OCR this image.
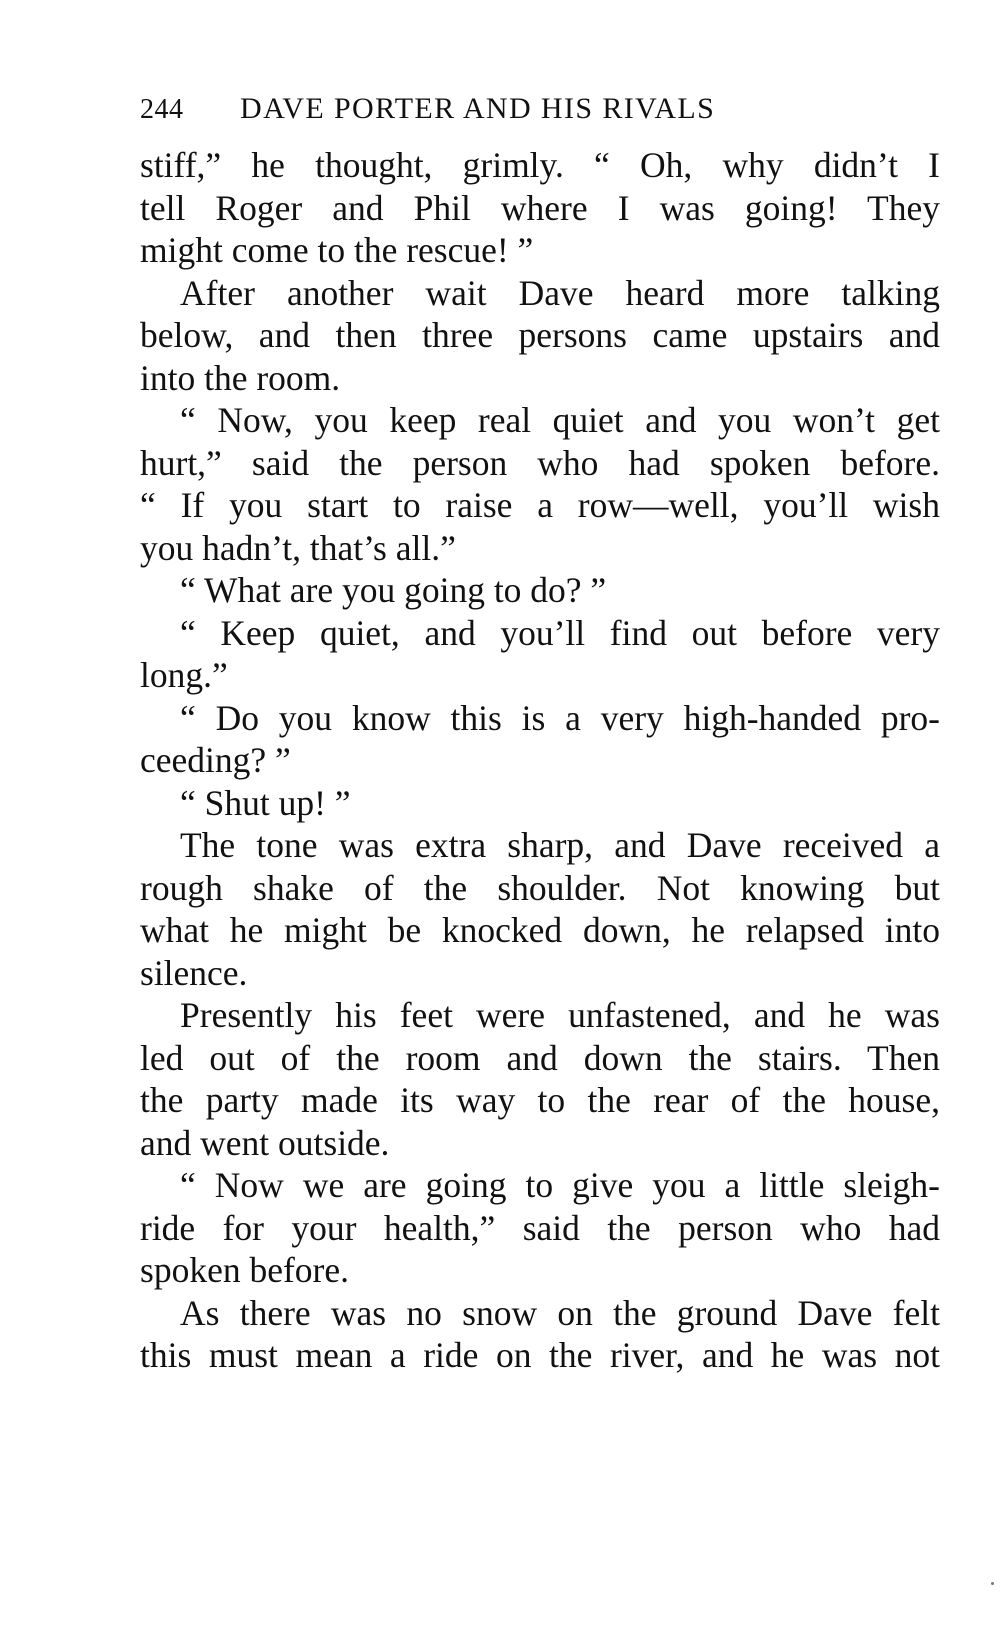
244	DAVE PORTER AND HIS RIVALS
stiff,” he thought, grimly. “ Oh, why didn’t I
tell Roger and Phil where I was going! They
might come to the rescue! ”
After another wait Dave heard more talking
below, and then three persons came upstairs and
into the room.
“ Now, you keep real quiet and you won’t get
hurt,” said the person who had spoken before.
“ If you start to raise a row—well, you’ll wish
you hadn’t, that’s all.”
“ What are you going to do? ”
“ Keep quiet, and you’ll find out before very
long.”
“ Do you know this is a very high-handed pro-
ceeding? ”
“ Shut up! ”
The tone was extra sharp, and Dave received a
rough shake of the shoulder. Not knowing but
what he might be knocked down, he relapsed into
silence.
Presently his feet were unfastened, and he was
led out of the room and down the stairs. Then
the party made its way to the rear of the house,
and went outside.
“ Now we are going to give you a little sleigh-
ride for your health,” said the person who had
spoken before.
As there was no snow on the ground Dave felt
this must mean a ride on the river, and he was not
